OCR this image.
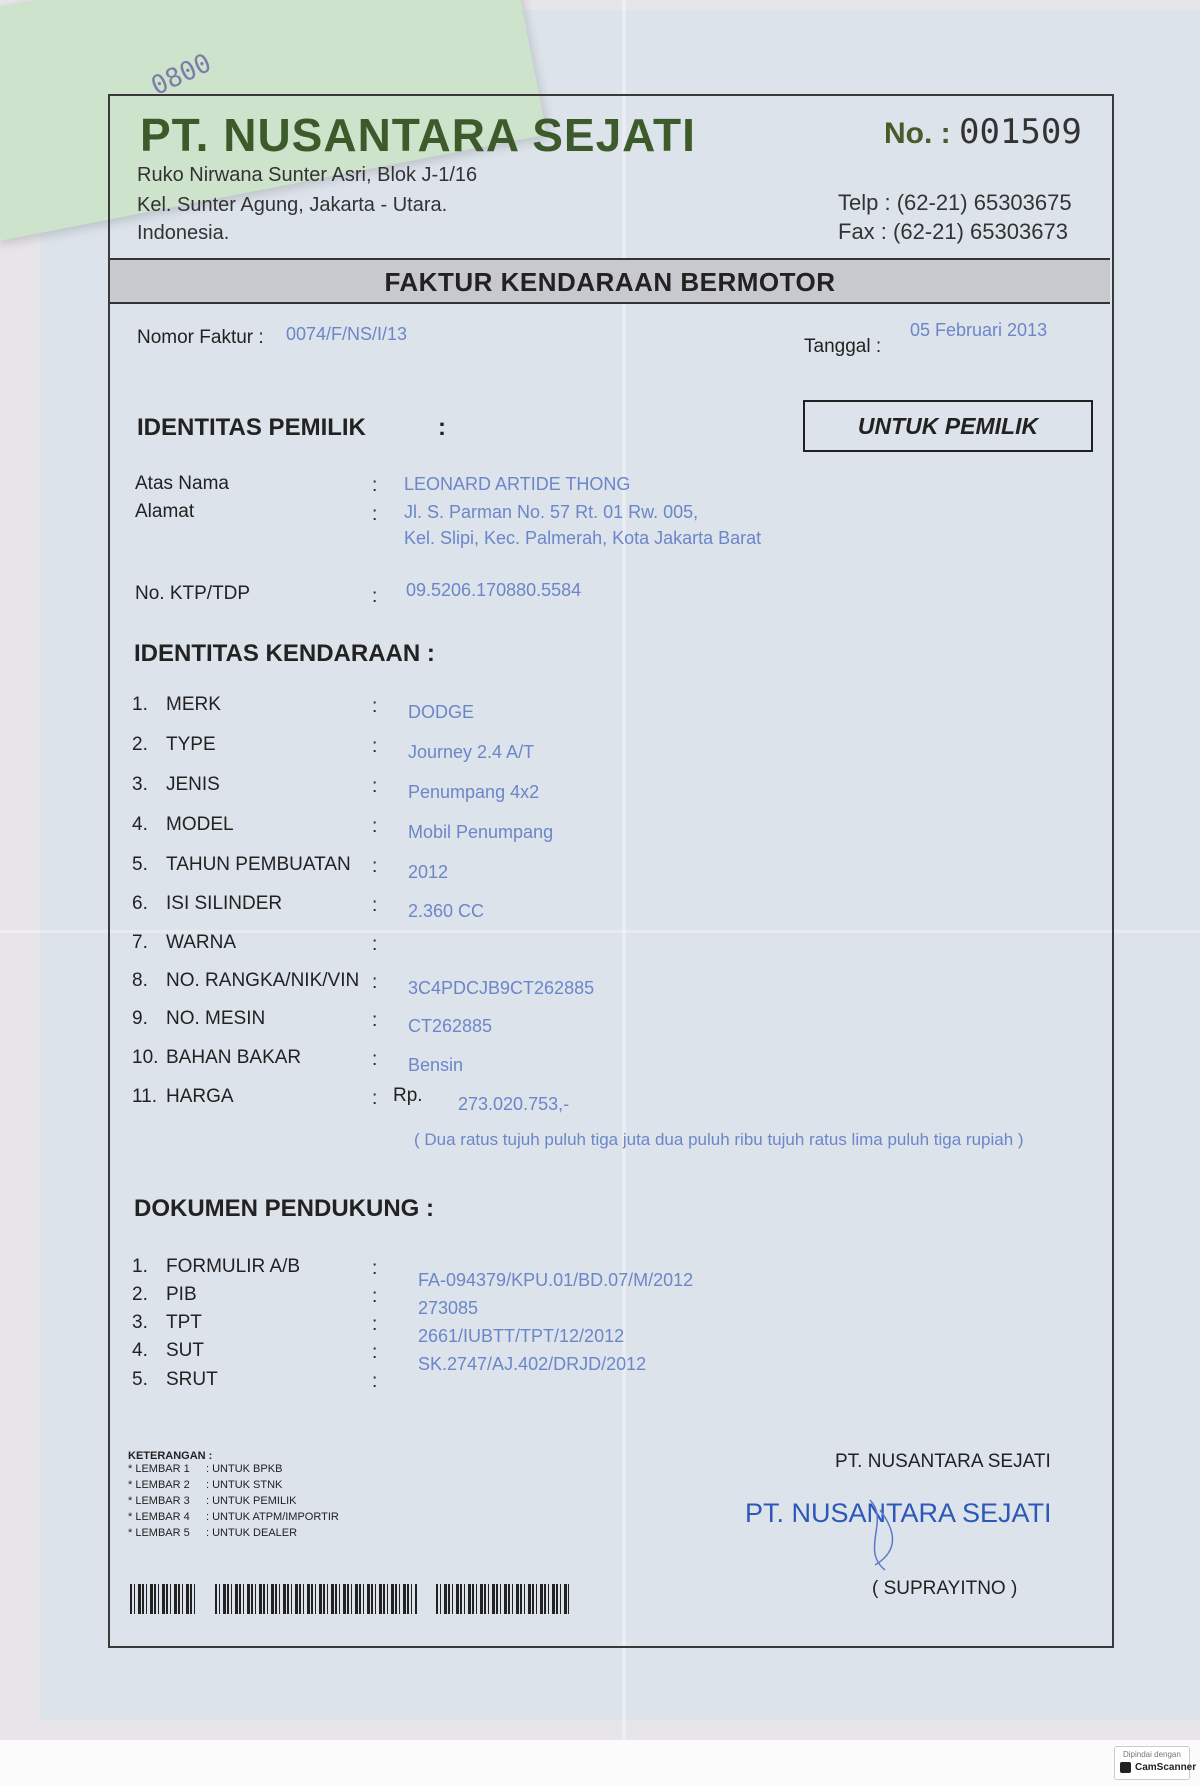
0800
PT. NUSANTARA SEJATI
Ruko Nirwana Sunter Asri, Blok J-1/16
Kel. Sunter Agung, Jakarta - Utara.
Indonesia.
No. : 001509
Telp : (62-21) 65303675
Fax : (62-21) 65303673
FAKTUR KENDARAAN BERMOTOR
Nomor Faktur : 0074/F/NS/I/13
Tanggal :
05 Februari 2013
UNTUK PEMILIK
IDENTITAS PEMILIK	:
Atas Nama	: LEONARD ARTIDE THONG
Alamat	: Jl. S. Parman No. 57 Rt. 01 Rw. 005,
Kel. Slipi, Kec. Palmerah, Kota Jakarta Barat
No. KTP/TDP	: 09.5206.170880.5584
IDENTITAS KENDARAAN :
1. MERK	: DODGE
2. TYPE	: Journey 2.4 A/T
3. JENIS	: Penumpang 4x2
4. MODEL	: Mobil Penumpang
5. TAHUN PEMBUATAN : 2012
6. ISI SILINDER	: 2.360 CC
7. WARNA	:
8. NO. RANGKA/NIK/VIN : 3C4PDCJB9CT262885
9. NO. MESIN	: CT262885
10. BAHAN BAKAR	: Bensin
11. HARGA	:	273.020.753,-
Rp.
( Dua ratus tujuh puluh tiga juta dua puluh ribu tujuh ratus lima puluh tiga rupiah )
DOKUMEN PENDUKUNG :
1. FORMULIR A/B	:
FA-094379/KPU.01/BD.07/M/2012
2. PIB	:
273085
3. TPT	:
2661/IUBTT/TPT/12/2012
4. SUT	:
SK.2747/AJ.402/DRJD/2012
5. SRUT	:
KETERANGAN :
* LEMBAR 1 : UNTUK BPKB
* LEMBAR 2 : UNTUK STNK
* LEMBAR 3 : UNTUK PEMILIK
* LEMBAR 4 : UNTUK ATPM/IMPORTIR
* LEMBAR 5 : UNTUK DEALER
PT. NUSANTARA SEJATI
PT. NUSANTARA SEJATI
( SUPRAYITNO )
Dipindai dengan
CamScanner
